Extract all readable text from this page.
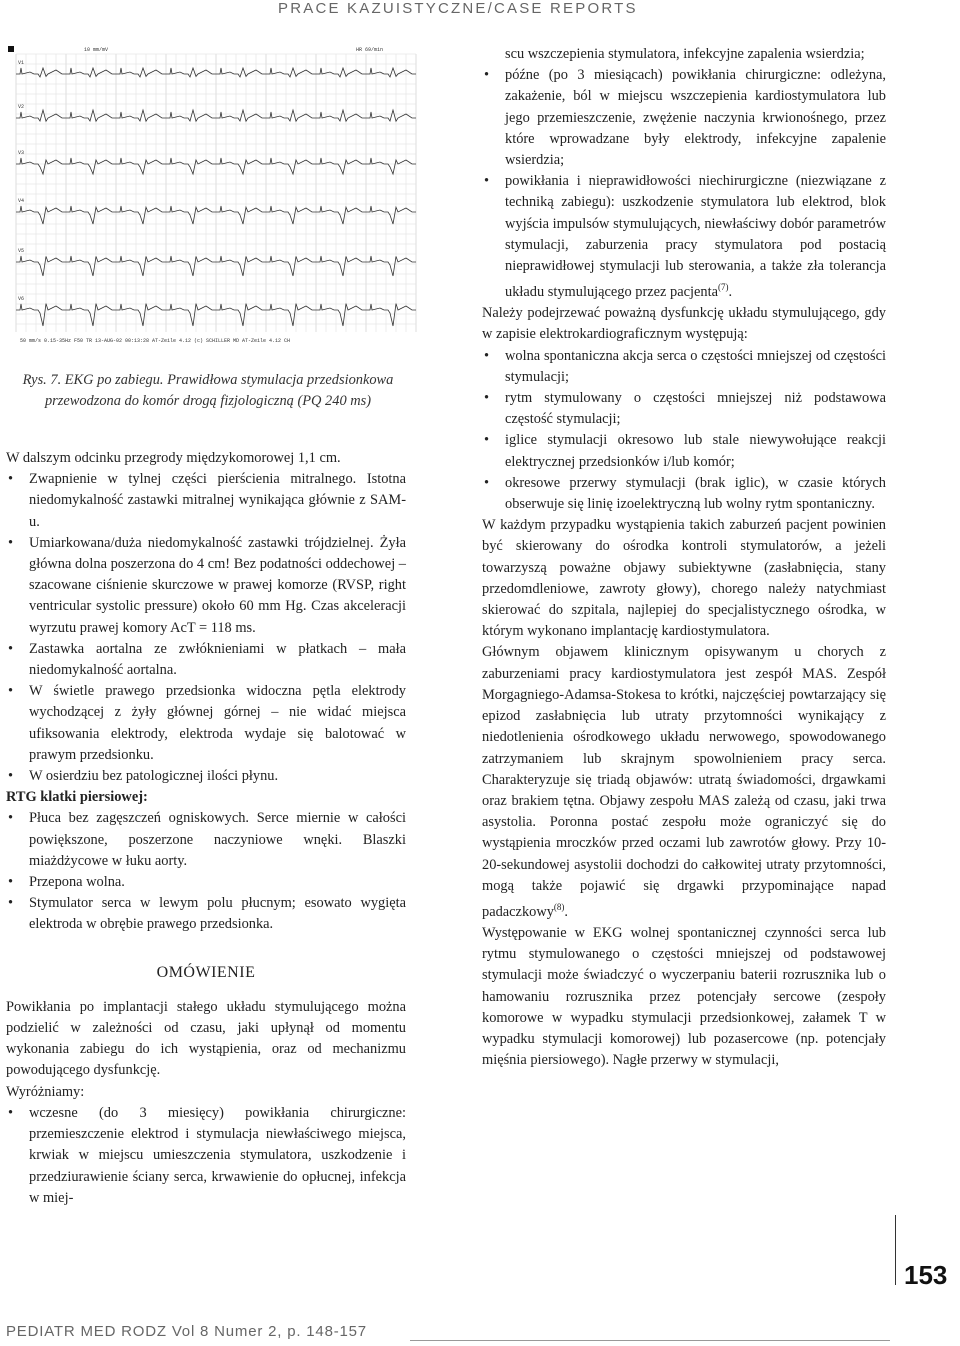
PRACE KAZUISTYCZNE/CASE REPORTS
10 mm/mV	HR 69/min
V1
V2
V3
V4
V5
V6
50 mm/s 0.15-35Hz F50 TR 13-AUG-02 00:13:28 AT-Zeile 4.12 (c) SCHILLER MD AT-Zeile 4.12 CH
Rys. 7. EKG po zabiegu. Prawidłowa stymulacja przedsionkowa przewodzona do komór drogą fizjologiczną (PQ 240 ms)

W dalszym odcinku przegrody międzykomorowej 1,1 cm.

• Zwapnienie w tylnej części pierścienia mitralnego. Istotna niedomykalność zastawki mitralnej wynikająca głównie z SAM-u.
• Umiarkowana/duża niedomykalność zastawki trójdzielnej. Żyła główna dolna poszerzona do 4 cm! Bez podatności oddechowej – szacowane ciśnienie skurczowe w prawej komorze (RVSP, right ventricular systolic pressure) około 60 mm Hg. Czas akceleracji wyrzutu prawej komory AcT = 118 ms.
• Zastawka aortalna ze zwłóknieniami w płatkach – mała niedomykalność aortalna.
• W świetle prawego przedsionka widoczna pętla elektrody wychodzącej z żyły głównej górnej – nie widać miejsca ufiksowania elektrody, elektroda wydaje się balotować w prawym przedsionku.
• W osierdziu bez patologicznej ilości płynu.

RTG klatki piersiowej:

• Płuca bez zagęszczeń ogniskowych. Serce miernie w całości powiększone, poszerzone naczyniowe wnęki. Blaszki miażdżycowe w łuku aorty.
• Przepona wolna.
• Stymulator serca w lewym polu płucnym; esowato wygięta elektroda w obrębie prawego przedsionka.
OMÓWIENIE

Powikłania po implantacji stałego układu stymulującego można podzielić w zależności od czasu, jaki upłynął od momentu wykonania zabiegu do ich wystąpienia, oraz od mechanizmu powodującego dysfunkcję.

Wyróżniamy:

• wczesne (do 3 miesięcy) powikłania chirurgiczne: przemieszczenie elektrod i stymulacja niewłaściwego miejsca, krwiak w miejscu umieszczenia stymulatora, uszkodzenie i przedziurawienie ściany serca, krwawienie do opłucnej, infekcja w miej-

scu wszczepienia stymulatora, infekcyjne zapalenia wsierdzia;

• późne (po 3 miesiącach) powikłania chirurgiczne: odleżyna, zakażenie, ból w miejscu wszczepienia kardiostymulatora lub jego przemieszczenie, zwężenie naczynia krwionośnego, przez które wprowadzane były elektrody, infekcyjne zapalenie wsierdzia;
• powikłania i nieprawidłowości niechirurgiczne (niezwiązane z techniką zabiegu): uszkodzenie stymulatora lub elektrod, blok wyjścia impulsów stymulujących, niewłaściwy dobór parametrów stymulacji, zaburzenia pracy stymulatora pod postacią nieprawidłowej stymulacji lub sterowania, a także zła tolerancja układu stymulującego przez pacjenta$^{(7)}$.

Należy podejrzewać poważną dysfunkcję układu stymulującego, gdy w zapisie elektrokardiograficznym występują:

• wolna spontaniczna akcja serca o częstości mniejszej od częstości stymulacji;
• rytm stymulowany o częstości mniejszej niż podstawowa częstość stymulacji;
• iglice stymulacji okresowo lub stale niewywołujące reakcji elektrycznej przedsionków i/lub komór;
• okresowe przerwy stymulacji (brak iglic), w czasie których obserwuje się linię izoelektryczną lub wolny rytm spontaniczny.

W każdym przypadku wystąpienia takich zaburzeń pacjent powinien być skierowany do ośrodka kontroli stymulatorów, a jeżeli towarzyszą poważne objawy subiektywne (zasłabnięcia, stany przedomdleniowe, zawroty głowy), chorego należy natychmiast skierować do szpitala, najlepiej do specjalistycznego ośrodka, w którym wykonano implantację kardiostymulatora.

Głównym objawem klinicznym opisywanym u chorych z zaburzeniami pracy kardiostymulatora jest zespół MAS. Zespół Morgagniego-Adamsa-Stokesa to krótki, najczęściej powtarzający się epizod zasłabnięcia lub utraty przytomności wynikający z niedotlenienia ośrodkowego układu nerwowego, spowodowanego zatrzymaniem lub skrajnym spowolnieniem pracy serca. Charakteryzuje się triadą objawów: utratą świadomości, drgawkami oraz brakiem tętna. Objawy zespołu MAS zależą od czasu, jaki trwa asystolia. Poronna postać zespołu może ograniczyć się do wystąpienia mroczków przed oczami lub zawrotów głowy. Przy 10-20-sekundowej asystolii dochodzi do całkowitej utraty przytomności, mogą także pojawić się drgawki przypominające napad padaczkowy$^{(8)}$.

Występowanie w EKG wolnej spontanicznej czynności serca lub rytmu stymulowanego o częstości mniejszej od podstawowej stymulacji może świadczyć o wyczerpaniu baterii rozrusznika lub o hamowaniu rozrusznika przez potencjały sercowe (zespoły komorowe w wypadku stymulacji przedsionkowej, załamek T w wypadku stymulacji komorowej) lub pozasercowe (np. potencjały mięśnia piersiowego). Nagłe przerwy w stymulacji,

153
PEDIATR MED RODZ Vol 8 Numer 2, p. 148-157
